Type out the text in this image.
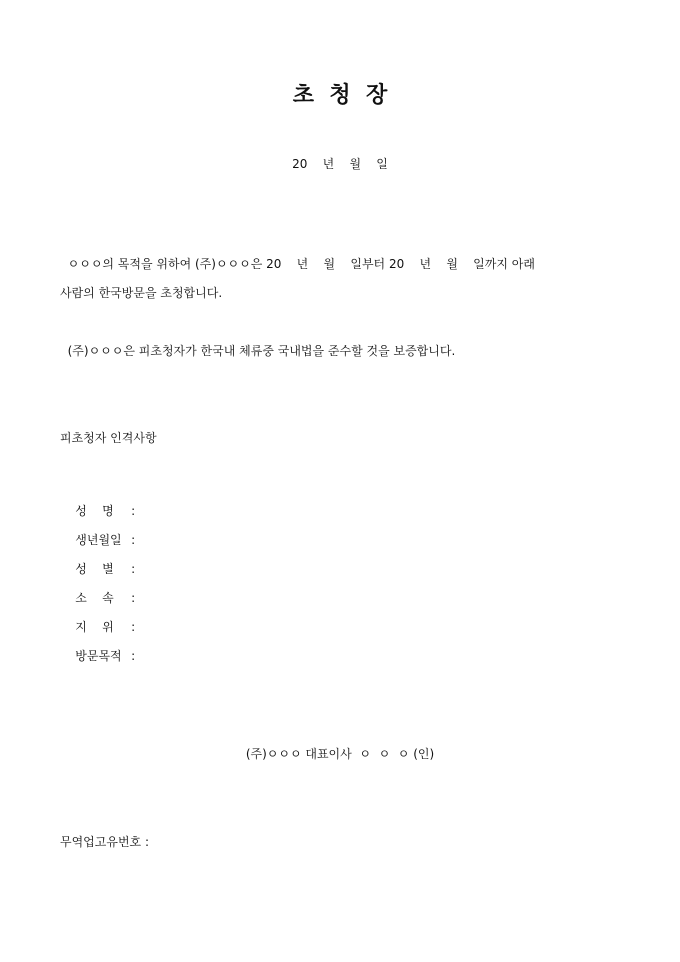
초  청  장
20    년    월    일
ㅇㅇㅇ의 목적을 위하여 (주)ㅇㅇㅇ은 20    년    월    일부터 20    년    월    일까지 아래
사람의 한국방문을 초청합니다.
(주)ㅇㅇㅇ은 피초청자가 한국내 체류중 국내법을 준수할 것을 보증합니다.
피초청자 인격사항

성    명 :

생년월일 :

성    별 :

소    속 :

지    위 :

방문목적 :

(주)ㅇㅇㅇ 대표이사  ㅇ  ㅇ  ㅇ (인)
무역업고유번호 :
